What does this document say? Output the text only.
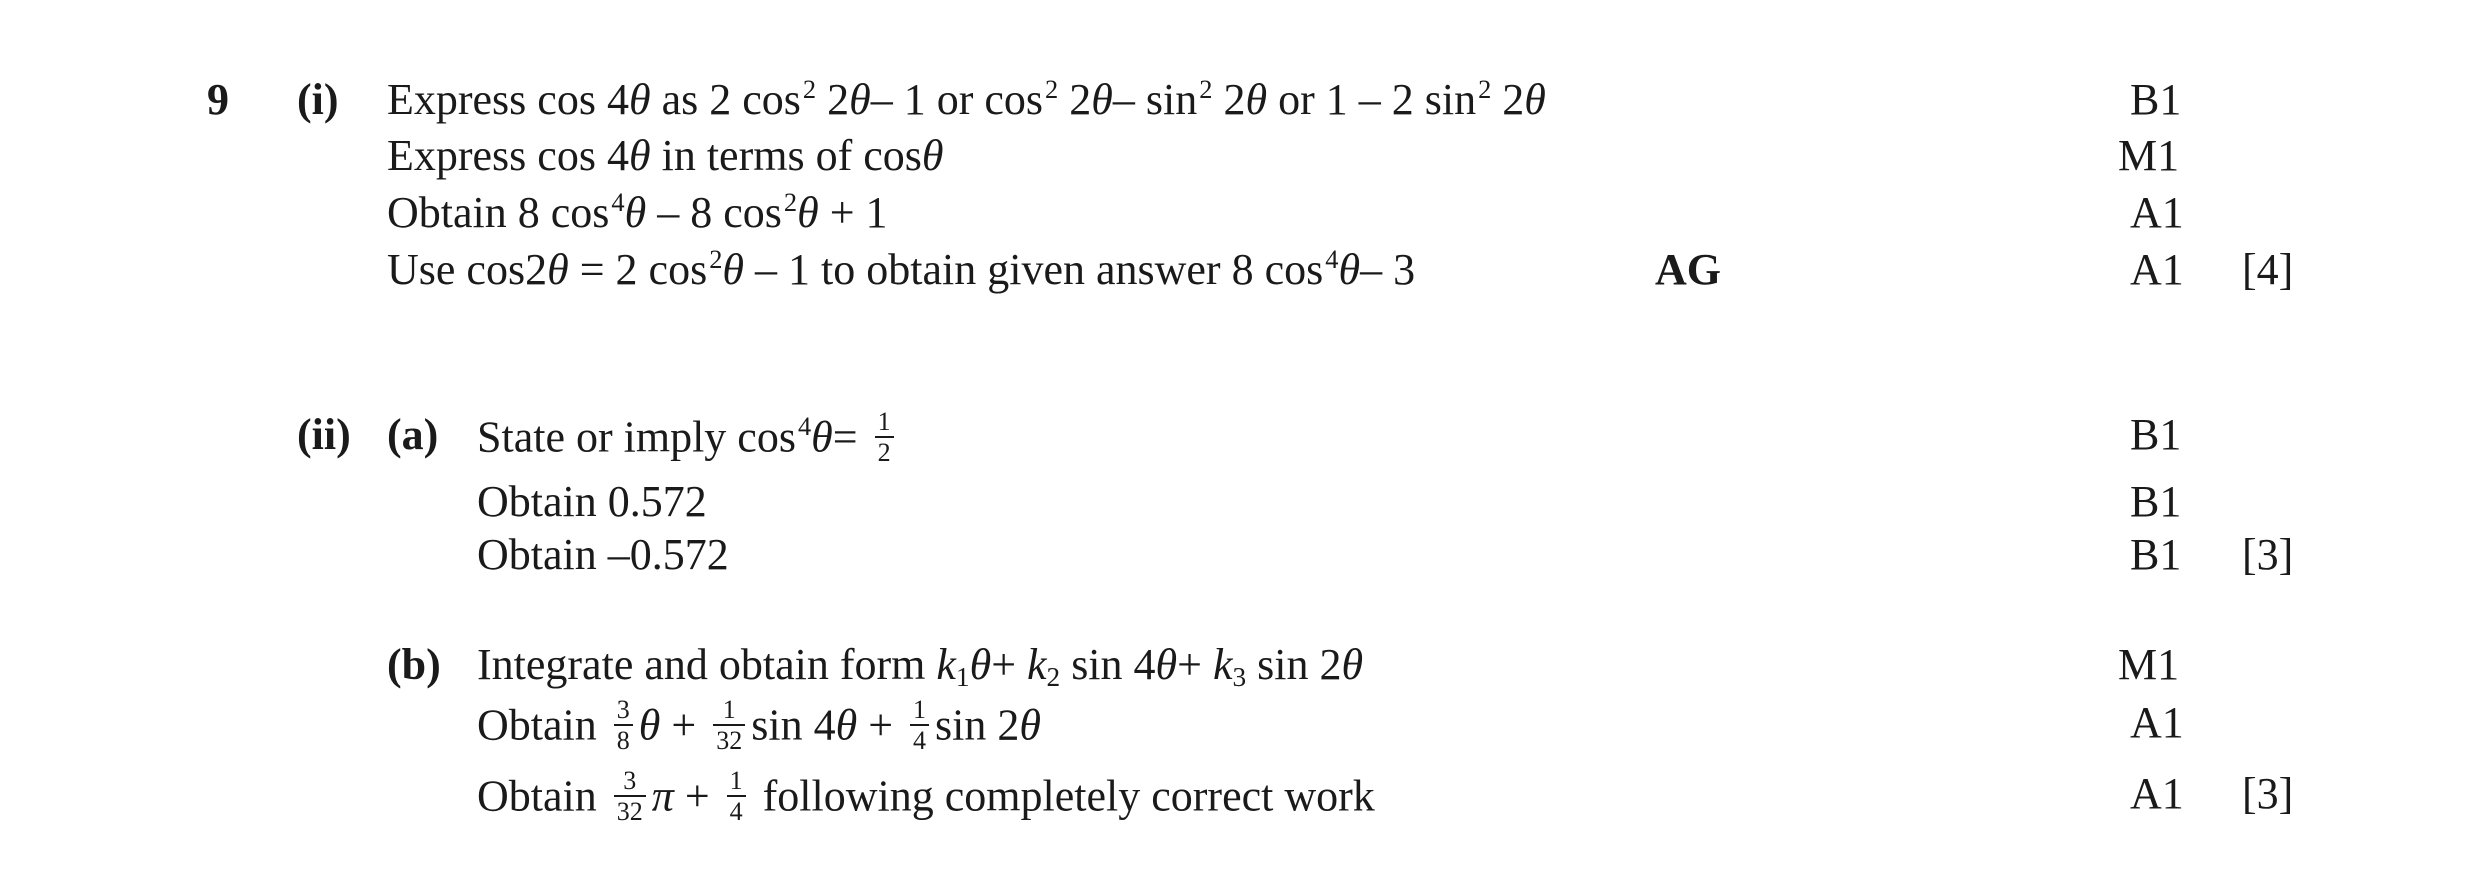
9 (i) Express cos 4θ as 2 $\cos^2 2\theta-$ 1 or $\cos^2 2\theta-$ $\sin^2 2\theta$ or 1 – 2 $\sin^2 2\theta$	B1
Express cos 4θ in terms of cosθ	M1
Obtain 8 $\cos^4\theta - 8$ $\cos^2\theta + 1$	A1
Use cos2θ = 2 $\cos^2\theta - 1$ to obtain given answer 8 $\cos^4\theta-$ 3	AG	A1 [4]
(ii) (a) State or imply $\cos^4\theta= \frac{1}{2}$	B1
Obtain 0.572	B1
Obtain –0.572	B1 [3]
(b) Integrate and obtain form $k_1\theta+ k_2$ $\sin 4\theta+ k_3$ sin 2θ	M1
Obtain $\frac{3}{8}$ $\theta + \frac{1}{32}$ $\sin 4\theta + \frac{1}{4}$ sin 2θ	A1
Obtain $\frac{3}{32}$ $\pi + \frac{1}{4}$ following completely correct work	A1 [3]
